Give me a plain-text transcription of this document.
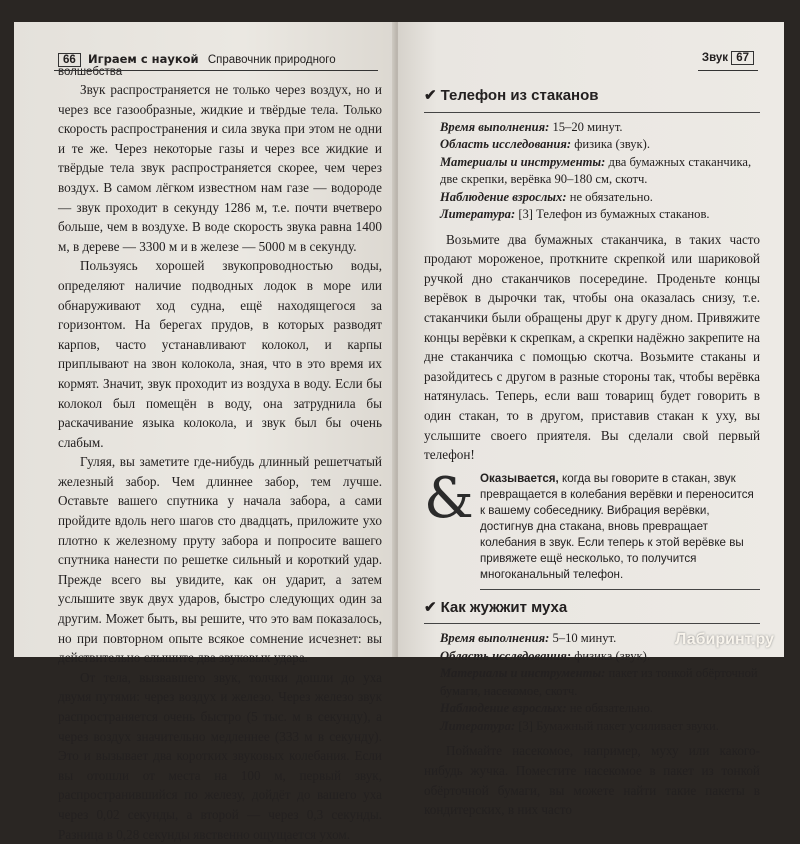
66 Играем с наукой Справочник природного волшебства

Звук распространяется не только через воздух, но и через все газообразные, жидкие и твёрдые тела. Только скорость распространения и сила звука при этом не одни и те же. Через некоторые газы и через все жидкие и твёрдые тела звук распространяется скорее, чем через воздух. В самом лёгком известном нам газе — водороде — звук проходит в секунду 1286 м, т.е. почти вчетверо больше, чем в воздухе. В воде скорость звука равна 1400 м, в дереве — 3300 м и в железе — 5000 м в секунду.

Пользуясь хорошей звукопроводностью воды, определяют наличие подводных лодок в море или обнаруживают ход судна, ещё находящегося за горизонтом. На берегах прудов, в которых разводят карпов, часто устанавливают колокол, и карпы приплывают на звон колокола, зная, что в это время их кормят. Значит, звук проходит из воздуха в воду. Если бы колокол был помещён в воду, она затруднила бы раскачивание языка колокола, и звук был бы очень слабым.

Гуляя, вы заметите где-нибудь длинный решетчатый железный забор. Чем длиннее забор, тем лучше. Оставьте вашего спутника у начала забора, а сами пройдите вдоль него шагов сто двадцать, приложите ухо плотно к железному пруту забора и попросите вашего спутника нанести по решетке сильный и короткий удар. Прежде всего вы увидите, как он ударит, а затем услышите звук двух ударов, быстро следующих один за другим. Может быть, вы решите, что это вам показалось, но при повторном опыте всякое сомнение исчезнет: вы действительно слышите два звуковых удара.

От тела, вызвавшего звук, толчки дошли до уха двумя путями: через воздух и железо. Через железо звук распространяется очень быстро (5 тыс. м в секунду), а через воздух значительно медленнее (333 м в секунду). Это и вызывает два коротких звуковых колебания. Если вы отошли от места на 100 м, первый звук, распространившийся по железу, дойдёт до вашего уха через 0,02 секунды, а второй — через 0,3 секунды. Разница в 0,28 секунды явственно ощущается ухом.

Звук 67
✔ Телефон из стаканов
Время выполнения: 15–20 минут.
Область исследования: физика (звук).
Материалы и инструменты: два бумажных стаканчика, две скрепки, верёвка 90–180 см, скотч.
Наблюдение взрослых: не обязательно.
Литература: [3] Телефон из бумажных стаканов.

Возьмите два бумажных стаканчика, в таких часто продают мороженое, проткните скрепкой или шариковой ручкой дно стаканчиков посередине. Проденьте концы верёвок в дырочки так, чтобы она оказалась снизу, т.е. стаканчики были обращены друг к другу дном. Привяжите концы верёвки к скрепкам, а скрепки надёжно закрепите на дне стаканчика с помощью скотча. Возьмите стаканы и разойдитесь с другом в разные стороны так, чтобы верёвка натянулась. Теперь, если ваш товарищ будет говорить в один стакан, то в другом, приставив стакан к уху, вы услышите своего приятеля. Вы сделали свой первый телефон!

& Оказывается, когда вы говорите в стакан, звук превращается в колебания верёвки и переносится к вашему собеседнику. Вибрация верёвки, достигнув дна стакана, вновь превращает колебания в звук. Если теперь к этой верёвке вы привяжете ещё несколько, то получится многоканальный телефон.
✔ Как жужжит муха
Время выполнения: 5–10 минут.
Область исследования: физика (звук).
Материалы и инструменты: пакет из тонкой обёрточной бумаги, насекомое, скотч.
Наблюдение взрослых: не обязательно.
Литература: [3] Бумажный пакет усиливает звуки.

Поймайте насекомое, например, муху или какого-нибудь жучка. Поместите насекомое в пакет из тонкой обёрточной бумаги, вы можете найти такие пакеты в кондитерских, в них часто

Лабиринт.ру
